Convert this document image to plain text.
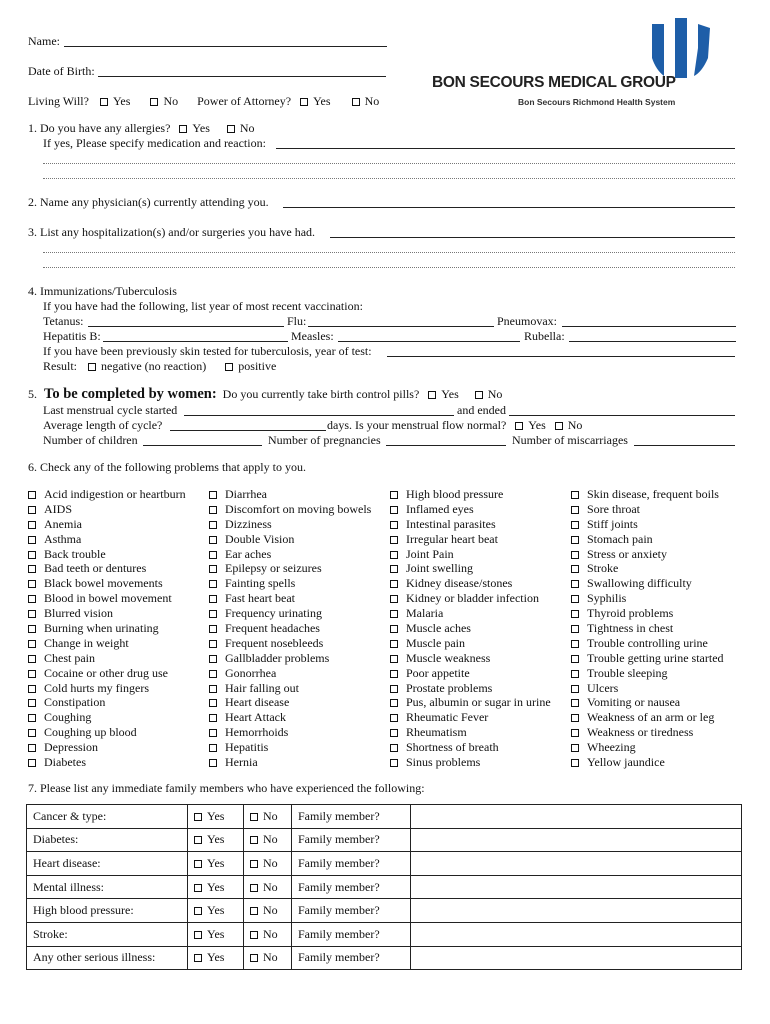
BON SECOURS MEDICAL GROUP
Bon Secours Richmond Health System
Name:
Date of Birth:
Living Will? Yes	No Power of Attorney? Yes	No
1. Do you have any allergies? Yes	No
If yes, Please specify medication and reaction:
2. Name any physician(s) currently attending you.
3. List any hospitalization(s) and/or surgeries you have had.
4. Immunizations/Tuberculosis
If you have had the following, list year of most recent vaccination:
Tetanus:	Flu:	Pneumovax:
Hepatitis B:	Measles:	Rubella:
If you have been previously skin tested for tuberculosis, year of test:
Result: negative (no reaction)	positive
5. To be completed by women: Do you currently take birth control pills? Yes No
Last menstrual cycle started	and ended
Average length of cycle?	days. Is your menstrual flow normal? Yes No
Number of children	Number of pregnancies	Number of miscarriages
6. Check any of the following problems that apply to you.
Acid indigestion or heartburn
AIDS
Anemia
Asthma
Back trouble
Bad teeth or dentures
Black bowel movements
Blood in bowel movement
Blurred vision
Burning when urinating
Change in weight
Chest pain
Cocaine or other drug use
Cold hurts my fingers
Constipation
Coughing
Coughing up blood
Depression
Diabetes
Diarrhea
Discomfort on moving bowels
Dizziness
Double Vision
Ear aches
Epilepsy or seizures
Fainting spells
Fast heart beat
Frequency urinating
Frequent headaches
Frequent nosebleeds
Gallbladder problems
Gonorrhea
Hair falling out
Heart disease
Heart Attack
Hemorrhoids
Hepatitis
Hernia
High blood pressure
Inflamed eyes
Intestinal parasites
Irregular heart beat
Joint Pain
Joint swelling
Kidney disease/stones
Kidney or bladder infection
Malaria
Muscle aches
Muscle pain
Muscle weakness
Poor appetite
Prostate problems
Pus, albumin or sugar in urine
Rheumatic Fever
Rheumatism
Shortness of breath
Sinus problems
Skin disease, frequent boils
Sore throat
Stiff joints
Stomach pain
Stress or anxiety
Stroke
Swallowing difficulty
Syphilis
Thyroid problems
Tightness in chest
Trouble controlling urine
Trouble getting urine started
Trouble sleeping
Ulcers
Vomiting or nausea
Weakness of an arm or leg
Weakness or tiredness
Wheezing
Yellow jaundice
7. Please list any immediate family members who have experienced the following:
Cancer & type:	Yes	No	Family member?	
Diabetes:	Yes	No	Family member?	
Heart disease:	Yes	No	Family member?	
Mental illness:	Yes	No	Family member?	
High blood pressure:	Yes	No	Family member?	
Stroke:	Yes	No	Family member?	
Any other serious illness:	Yes	No	Family member?	
